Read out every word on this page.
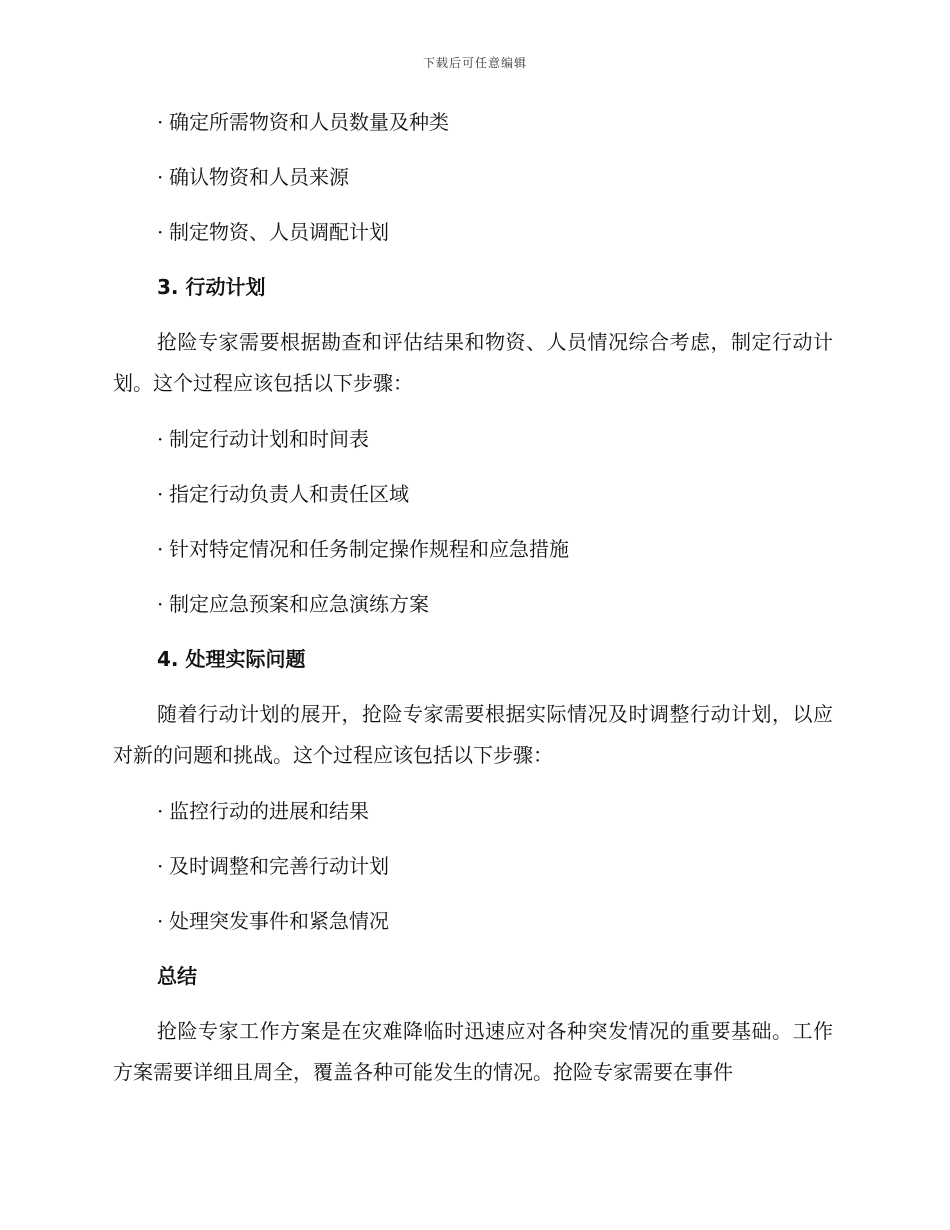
下载后可任意编辑
· 确定所需物资和人员数量及种类
· 确认物资和人员来源
· 制定物资、人员调配计划
3. 行动计划
抢险专家需要根据勘查和评估结果和物资、人员情况综合考虑，制定行动计划。这个过程应该包括以下步骤：
· 制定行动计划和时间表
· 指定行动负责人和责任区域
· 针对特定情况和任务制定操作规程和应急措施
· 制定应急预案和应急演练方案
4. 处理实际问题
随着行动计划的展开，抢险专家需要根据实际情况及时调整行动计划，以应对新的问题和挑战。这个过程应该包括以下步骤：
· 监控行动的进展和结果
· 及时调整和完善行动计划
· 处理突发事件和紧急情况
总结
抢险专家工作方案是在灾难降临时迅速应对各种突发情况的重要基础。工作方案需要详细且周全，覆盖各种可能发生的情况。抢险专家需要在事件
